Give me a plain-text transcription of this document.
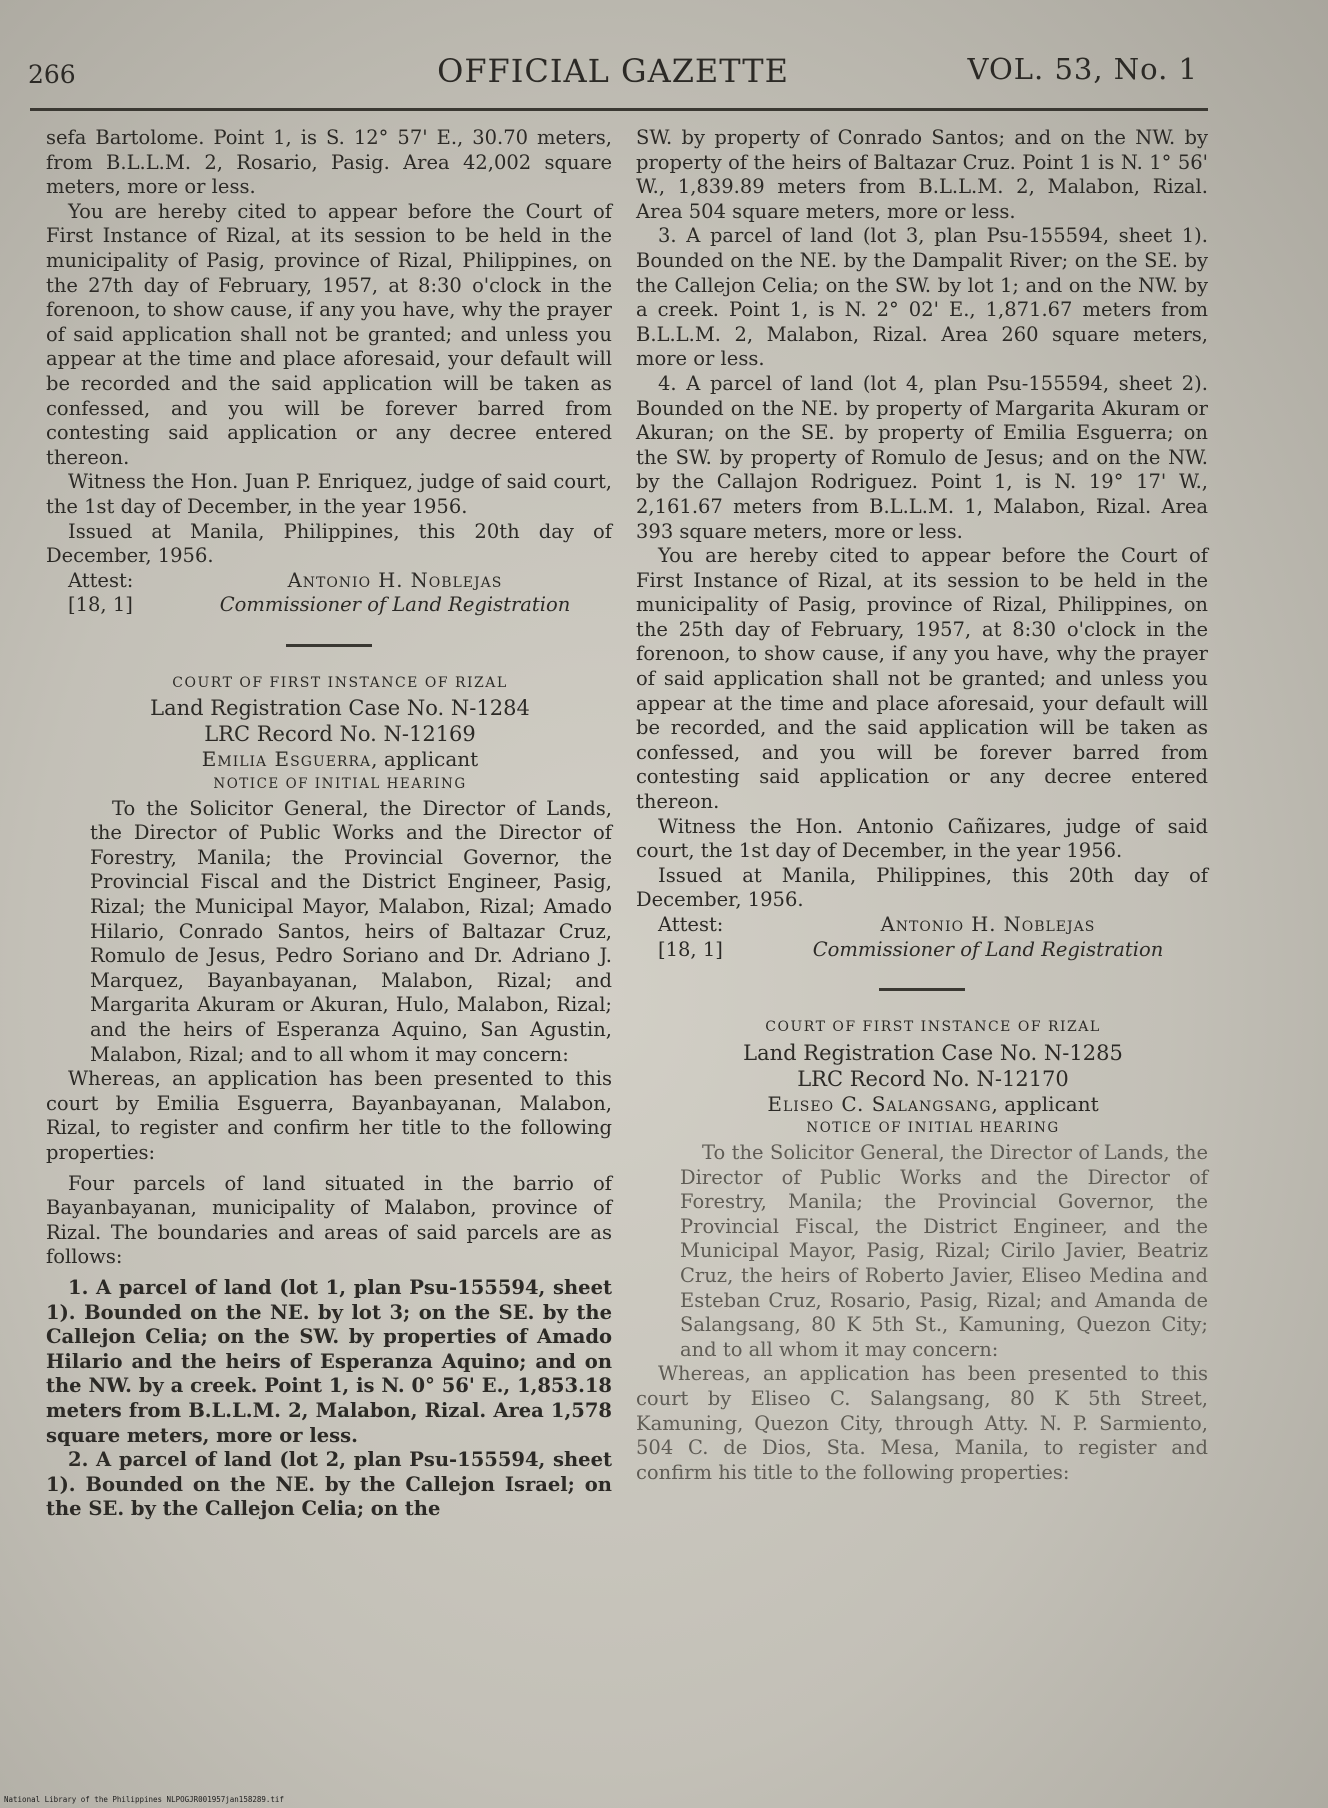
266	OFFICIAL GAZETTE	VOL. 53, No. 1

sefa Bartolome. Point 1, is S. 12° 57' E., 30.70 meters, from B.L.L.M. 2, Rosario, Pasig. Area 42,002 square meters, more or less.

You are hereby cited to appear before the Court of First Instance of Rizal, at its session to be held in the municipality of Pasig, province of Rizal, Philippines, on the 27th day of February, 1957, at 8:30 o'clock in the forenoon, to show cause, if any you have, why the prayer of said application shall not be granted; and unless you appear at the time and place aforesaid, your default will be recorded and the said application will be taken as confessed, and you will be forever barred from contesting said application or any decree entered thereon.

Witness the Hon. Juan P. Enriquez, judge of said court, the 1st day of December, in the year 1956.

Issued at Manila, Philippines, this 20th day of December, 1956.

Attest:	Antonio H. Noblejas
[18, 1]	Commissioner of Land Registration

COURT OF FIRST INSTANCE OF RIZAL

Land Registration Case No. N-1284

LRC Record No. N-12169

Emilia Esguerra, applicant

NOTICE OF INITIAL HEARING

To the Solicitor General, the Director of Lands, the Director of Public Works and the Director of Forestry, Manila; the Provincial Governor, the Provincial Fiscal and the District Engineer, Pasig, Rizal; the Municipal Mayor, Malabon, Rizal; Amado Hilario, Conrado Santos, heirs of Baltazar Cruz, Romulo de Jesus, Pedro Soriano and Dr. Adriano J. Marquez, Bayanbayanan, Malabon, Rizal; and Margarita Akuram or Akuran, Hulo, Malabon, Rizal; and the heirs of Esperanza Aquino, San Agustin, Malabon, Rizal; and to all whom it may concern:

Whereas, an application has been presented to this court by Emilia Esguerra, Bayanbayanan, Malabon, Rizal, to register and confirm her title to the following properties:

Four parcels of land situated in the barrio of Bayanbayanan, municipality of Malabon, province of Rizal. The boundaries and areas of said parcels are as follows:

1. A parcel of land (lot 1, plan Psu-155594, sheet 1). Bounded on the NE. by lot 3; on the SE. by the Callejon Celia; on the SW. by properties of Amado Hilario and the heirs of Esperanza Aquino; and on the NW. by a creek. Point 1, is N. 0° 56' E., 1,853.18 meters from B.L.L.M. 2, Malabon, Rizal. Area 1,578 square meters, more or less.

2. A parcel of land (lot 2, plan Psu-155594, sheet 1). Bounded on the NE. by the Callejon Israel; on the SE. by the Callejon Celia; on the

SW. by property of Conrado Santos; and on the NW. by property of the heirs of Baltazar Cruz. Point 1 is N. 1° 56' W., 1,839.89 meters from B.L.L.M. 2, Malabon, Rizal. Area 504 square meters, more or less.

3. A parcel of land (lot 3, plan Psu-155594, sheet 1). Bounded on the NE. by the Dampalit River; on the SE. by the Callejon Celia; on the SW. by lot 1; and on the NW. by a creek. Point 1, is N. 2° 02' E., 1,871.67 meters from B.L.L.M. 2, Malabon, Rizal. Area 260 square meters, more or less.

4. A parcel of land (lot 4, plan Psu-155594, sheet 2). Bounded on the NE. by property of Margarita Akuram or Akuran; on the SE. by property of Emilia Esguerra; on the SW. by property of Romulo de Jesus; and on the NW. by the Callajon Rodriguez. Point 1, is N. 19° 17' W., 2,161.67 meters from B.L.L.M. 1, Malabon, Rizal. Area 393 square meters, more or less.

You are hereby cited to appear before the Court of First Instance of Rizal, at its session to be held in the municipality of Pasig, province of Rizal, Philippines, on the 25th day of February, 1957, at 8:30 o'clock in the forenoon, to show cause, if any you have, why the prayer of said application shall not be granted; and unless you appear at the time and place aforesaid, your default will be recorded, and the said application will be taken as confessed, and you will be forever barred from contesting said application or any decree entered thereon.

Witness the Hon. Antonio Cañizares, judge of said court, the 1st day of December, in the year 1956.

Issued at Manila, Philippines, this 20th day of December, 1956.

Attest:	Antonio H. Noblejas
[18, 1]	Commissioner of Land Registration

COURT OF FIRST INSTANCE OF RIZAL

Land Registration Case No. N-1285

LRC Record No. N-12170

Eliseo C. Salangsang, applicant

NOTICE OF INITIAL HEARING

To the Solicitor General, the Director of Lands, the Director of Public Works and the Director of Forestry, Manila; the Provincial Governor, the Provincial Fiscal, the District Engineer, and the Municipal Mayor, Pasig, Rizal; Cirilo Javier, Beatriz Cruz, the heirs of Roberto Javier, Eliseo Medina and Esteban Cruz, Rosario, Pasig, Rizal; and Amanda de Salangsang, 80 K 5th St., Kamuning, Quezon City; and to all whom it may concern:

Whereas, an application has been presented to this court by Eliseo C. Salangsang, 80 K 5th Street, Kamuning, Quezon City, through Atty. N. P. Sarmiento, 504 C. de Dios, Sta. Mesa, Manila, to register and confirm his title to the following properties:

National Library of the Philippines NLPOGJR001957jan158289.tif
